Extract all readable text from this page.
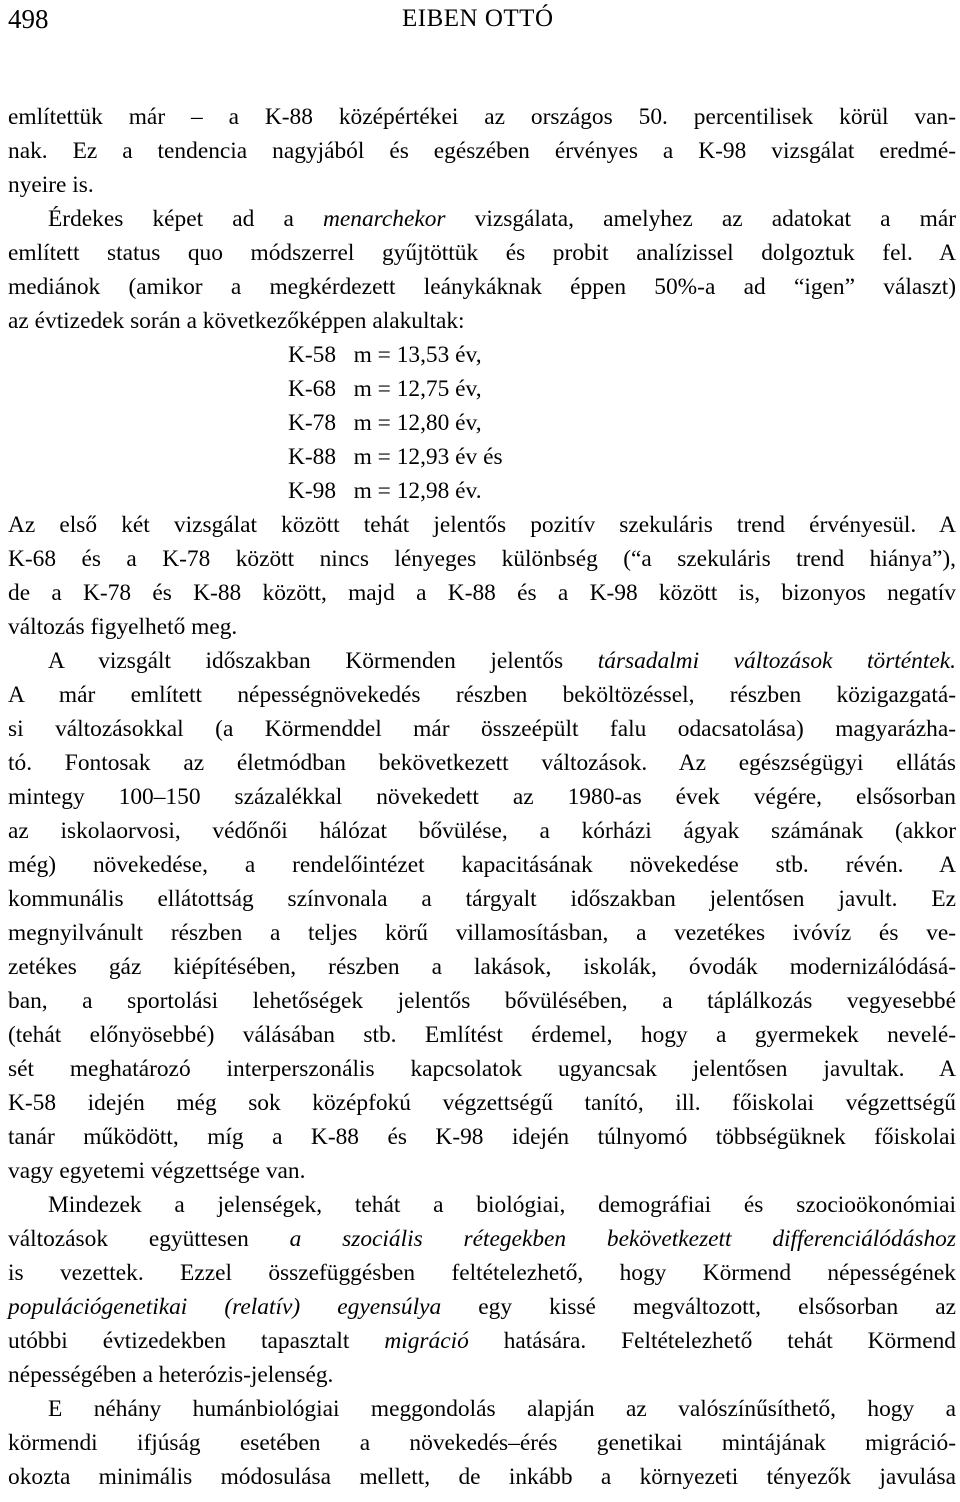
498	EIBEN OTTÓ
említettük már – a K-88 középértékei az országos 50. percentilisek körül van-
nak. Ez a tendencia nagyjából és egészében érvényes a K-98 vizsgálat eredmé-
nyeire is.
Érdekes képet ad a menarchekor vizsgálata, amelyhez az adatokat a már
említett status quo módszerrel gyűjtöttük és probit analízissel dolgoztuk fel. A
mediánok (amikor a megkérdezett leánykáknak éppen 50%-a ad “igen” választ)
az évtizedek során a következőképpen alakultak:
K-58   m = 13,53 év,
K-68   m = 12,75 év,
K-78   m = 12,80 év,
K-88   m = 12,93 év és
K-98   m = 12,98 év.
Az első két vizsgálat között tehát jelentős pozitív szekuláris trend érvényesül. A
K-68 és a K-78 között nincs lényeges különbség (“a szekuláris trend hiánya”),
de a K-78 és K-88 között, majd a K-88 és a K-98 között is, bizonyos negatív
változás figyelhető meg.
A vizsgált időszakban Körmenden jelentős társadalmi változások történtek.
A már említett népességnövekedés részben beköltözéssel, részben közigazgatá-
si változásokkal (a Körmenddel már összeépült falu odacsatolása) magyarázha-
tó. Fontosak az életmódban bekövetkezett változások. Az egészségügyi ellátás
mintegy 100–150 százalékkal növekedett az 1980-as évek végére, elsősorban
az iskolaorvosi, védőnői hálózat bővülése, a kórházi ágyak számának (akkor
még) növekedése, a rendelőintézet kapacitásának növekedése stb. révén. A
kommunális ellátottság színvonala a tárgyalt időszakban jelentősen javult. Ez
megnyilvánult részben a teljes körű villamosításban, a vezetékes ivóvíz és ve-
zetékes gáz kiépítésében, részben a lakások, iskolák, óvodák modernizálódásá-
ban, a sportolási lehetőségek jelentős bővülésében, a táplálkozás vegyesebbé
(tehát előnyösebbé) válásában stb. Említést érdemel, hogy a gyermekek nevelé-
sét meghatározó interperszonális kapcsolatok ugyancsak jelentősen javultak. A
K-58 idején még sok középfokú végzettségű tanító, ill. főiskolai végzettségű
tanár működött, míg a K-88 és K-98 idején túlnyomó többségüknek főiskolai
vagy egyetemi végzettsége van.
Mindezek a jelenségek, tehát a biológiai, demográfiai és szocioökonómiai
változások együttesen a szociális rétegekben bekövetkezett differenciálódáshoz
is vezettek. Ezzel összefüggésben feltételezhető, hogy Körmend népességének
populációgenetikai (relatív) egyensúlya egy kissé megváltozott, elsősorban az
utóbbi évtizedekben tapasztalt migráció hatására. Feltételezhető tehát Körmend
népességében a heterózis-jelenség.
E néhány humánbiológiai meggondolás alapján az valószínűsíthető, hogy a
körmendi ifjúság esetében a növekedés–érés genetikai mintájának migráció-
okozta minimális módosulása mellett, de inkább a környezeti tényezők javulása
